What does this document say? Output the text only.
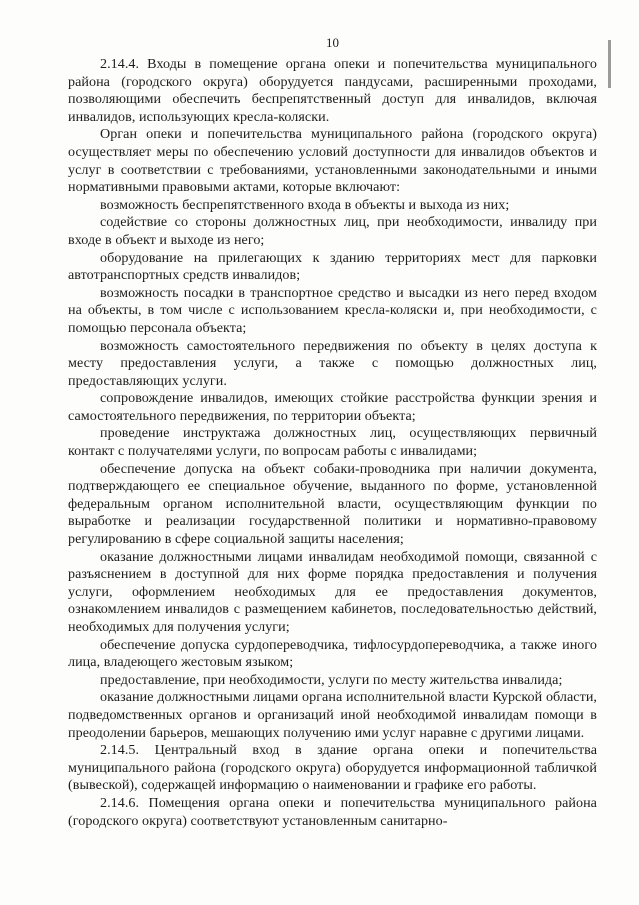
10

2.14.4. Входы в помещение органа опеки и попечительства муниципального района (городского округа) оборудуется пандусами, расширенными проходами, позволяющими обеспечить беспрепятственный доступ для инвалидов, включая инвалидов, использующих кресла-коляски.

Орган опеки и попечительства муниципального района (городского округа) осуществляет меры по обеспечению условий доступности для инвалидов объектов и услуг в соответствии с требованиями, установленными законодательными и иными нормативными правовыми актами, которые включают:

возможность беспрепятственного входа в объекты и выхода из них;

содействие со стороны должностных лиц, при необходимости, инвалиду при входе в объект и выходе из него;

оборудование на прилегающих к зданию территориях мест для парковки автотранспортных средств инвалидов;

возможность посадки в транспортное средство и высадки из него перед входом на объекты, в том числе с использованием кресла-коляски и, при необходимости, с помощью персонала объекта;

возможность самостоятельного передвижения по объекту в целях доступа к месту предоставления услуги, а также с помощью должностных лиц, предоставляющих услуги.

сопровождение инвалидов, имеющих стойкие расстройства функции зрения и самостоятельного передвижения, по территории объекта;

проведение инструктажа должностных лиц, осуществляющих первичный контакт с получателями услуги, по вопросам работы с инвалидами;

обеспечение допуска на объект собаки-проводника при наличии документа, подтверждающего ее специальное обучение, выданного по форме, установленной федеральным органом исполнительной власти, осуществляющим функции по выработке и реализации государственной политики и нормативно-правовому регулированию в сфере социальной защиты населения;

оказание должностными лицами инвалидам необходимой помощи, связанной с разъяснением в доступной для них форме порядка предоставления и получения услуги, оформлением необходимых для ее предоставления документов, ознакомлением инвалидов с размещением кабинетов, последовательностью действий, необходимых для получения услуги;

обеспечение допуска сурдопереводчика, тифлосурдопереводчика, а также иного лица, владеющего жестовым языком;

предоставление, при необходимости, услуги по месту жительства инвалида;

оказание должностными лицами органа исполнительной власти Курской области, подведомственных органов и организаций иной необходимой инвалидам помощи в преодолении барьеров, мешающих получению ими услуг наравне с другими лицами.

2.14.5. Центральный вход в здание органа опеки и попечительства муниципального района (городского округа) оборудуется информационной табличкой (вывеской), содержащей информацию о наименовании и графике его работы.

2.14.6. Помещения органа опеки и попечительства муниципального района (городского округа) соответствуют установленным санитарно-
